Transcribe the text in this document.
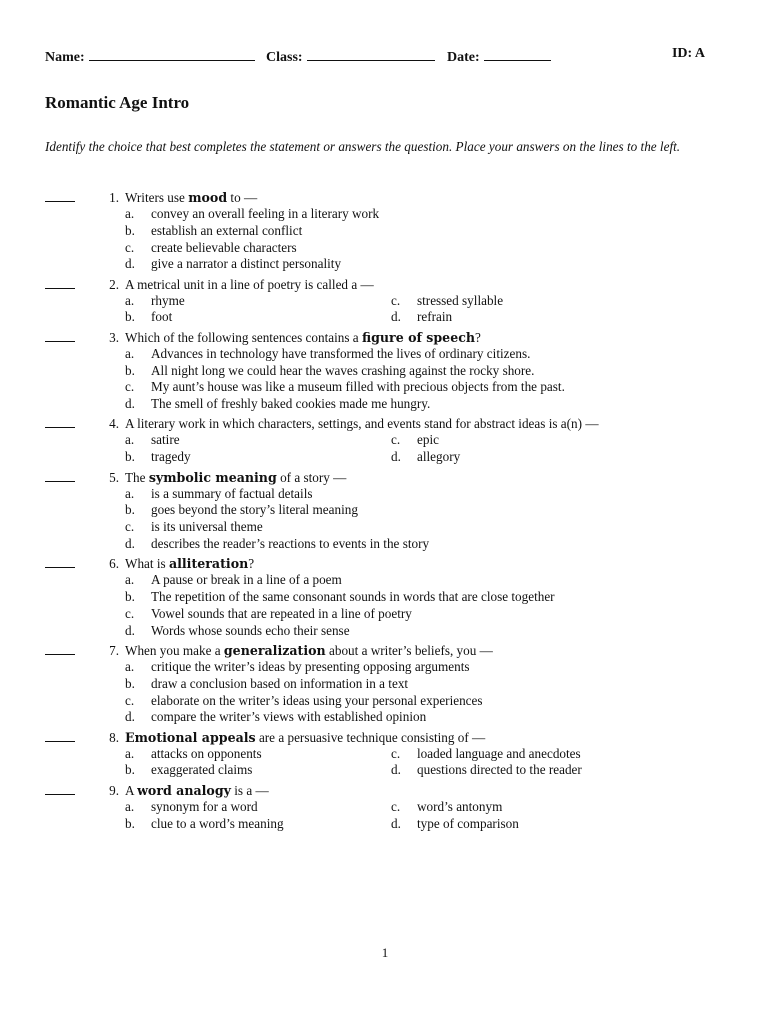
Name:	Class:	Date:	ID: A
Romantic Age Intro
Identify the choice that best completes the statement or answers the question. Place your answers on the lines to the left.
1. Writers use mood to —
a. convey an overall feeling in a literary work
b. establish an external conflict
c. create believable characters
d. give a narrator a distinct personality
2. A metrical unit in a line of poetry is called a —
a. rhyme	c. stressed syllable
b. foot	d. refrain
3. Which of the following sentences contains a figure of speech?
a. Advances in technology have transformed the lives of ordinary citizens.
b. All night long we could hear the waves crashing against the rocky shore.
c. My aunt’s house was like a museum filled with precious objects from the past.
d. The smell of freshly baked cookies made me hungry.
4. A literary work in which characters, settings, and events stand for abstract ideas is a(n) —
a. satire	c. epic
b. tragedy	d. allegory
5. The symbolic meaning of a story —
a. is a summary of factual details
b. goes beyond the story’s literal meaning
c. is its universal theme
d. describes the reader’s reactions to events in the story
6. What is alliteration?
a. A pause or break in a line of a poem
b. The repetition of the same consonant sounds in words that are close together
c. Vowel sounds that are repeated in a line of poetry
d. Words whose sounds echo their sense
7. When you make a generalization about a writer’s beliefs, you —
a. critique the writer’s ideas by presenting opposing arguments
b. draw a conclusion based on information in a text
c. elaborate on the writer’s ideas using your personal experiences
d. compare the writer’s views with established opinion
8. Emotional appeals are a persuasive technique consisting of —
a. attacks on opponents	c. loaded language and anecdotes
b. exaggerated claims	d. questions directed to the reader
9. A word analogy is a —
a. synonym for a word	c. word’s antonym
b. clue to a word’s meaning	d. type of comparison
1
